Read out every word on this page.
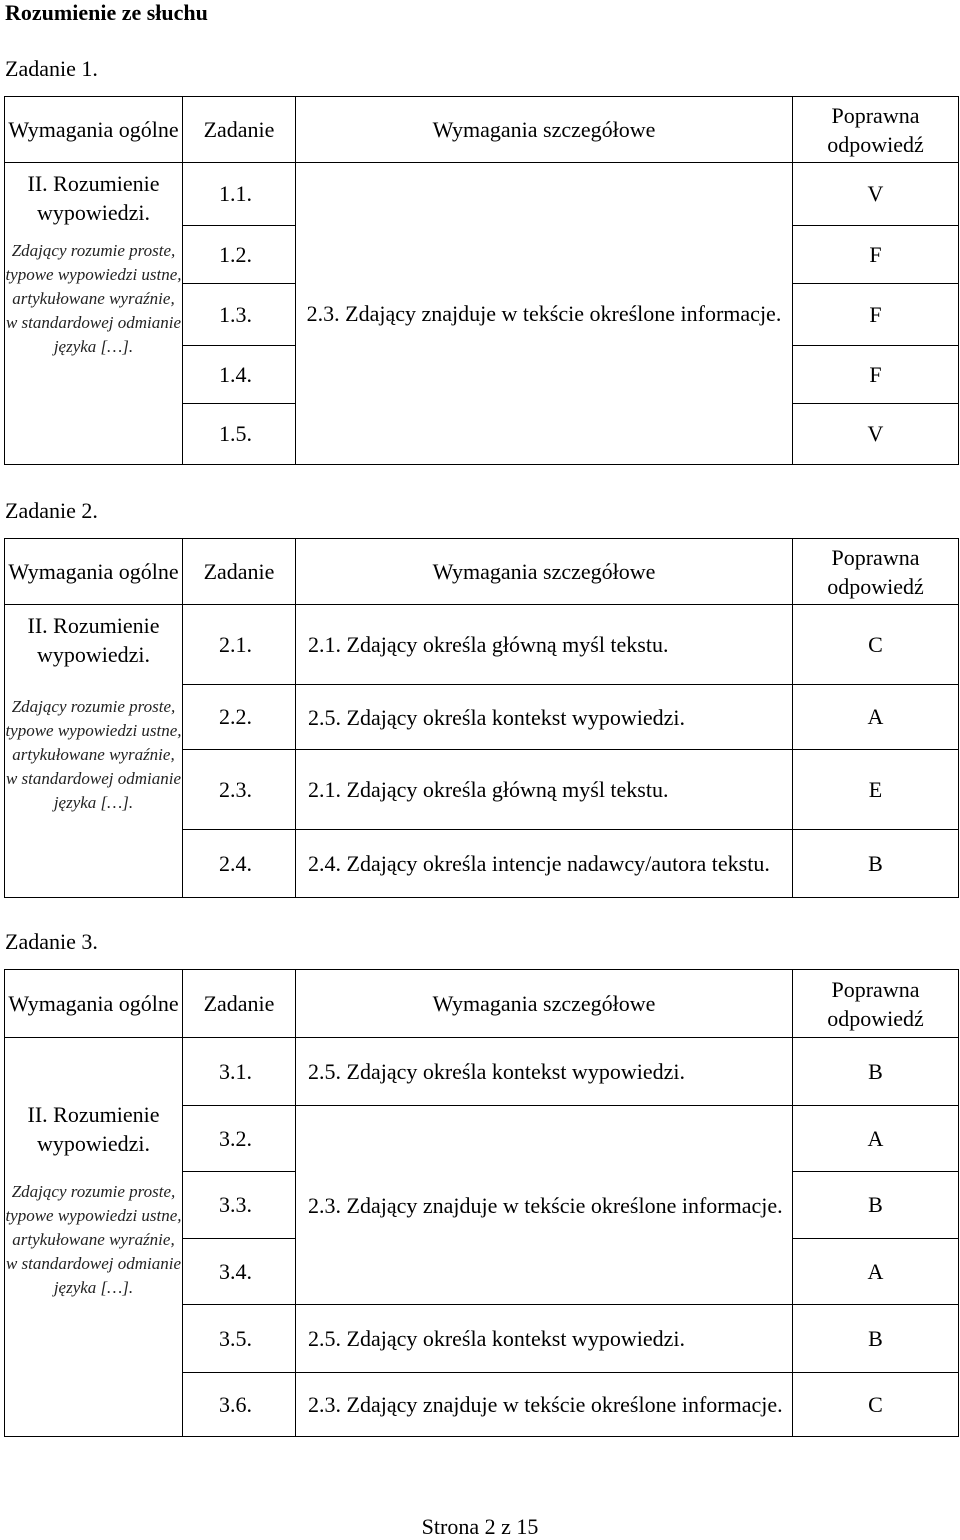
Rozumienie ze słuchu
Zadanie 1.
Wymagania ogólne	Zadanie	Wymagania szczegółowe	Poprawna odpowiedź

II. Rozumienie wypowiedzi.
Zdający rozumie proste, typowe wypowiedzi ustne, artykułowane wyraźnie, w standardowej odmianie języka […].	1.1.	2.3. Zdający znajduje w tekście określone informacje.	V
	1.2.		F
	1.3.		F
	1.4.		F
	1.5.		V
Zadanie 2.
Wymagania ogólne	Zadanie	Wymagania szczegółowe	Poprawna odpowiedź

II. Rozumienie wypowiedzi.
Zdający rozumie proste, typowe wypowiedzi ustne, artykułowane wyraźnie, w standardowej odmianie języka […].	2.1.	2.1. Zdający określa główną myśl tekstu.	C
	2.2.	2.5. Zdający określa kontekst wypowiedzi.	A
	2.3.	2.1. Zdający określa główną myśl tekstu.	E
	2.4.	2.4. Zdający określa intencje nadawcy/autora tekstu.	B
Zadanie 3.
Wymagania ogólne	Zadanie	Wymagania szczegółowe	Poprawna odpowiedź

II. Rozumienie wypowiedzi.
Zdający rozumie proste, typowe wypowiedzi ustne, artykułowane wyraźnie, w standardowej odmianie języka […].	3.1.	2.5. Zdający określa kontekst wypowiedzi.	B
	3.2.	2.3. Zdający znajduje w tekście określone informacje.	A
	3.3.		B
	3.4.		A
	3.5.	2.5. Zdający określa kontekst wypowiedzi.	B
	3.6.	2.3. Zdający znajduje w tekście określone informacje.	C
Strona 2 z 15
